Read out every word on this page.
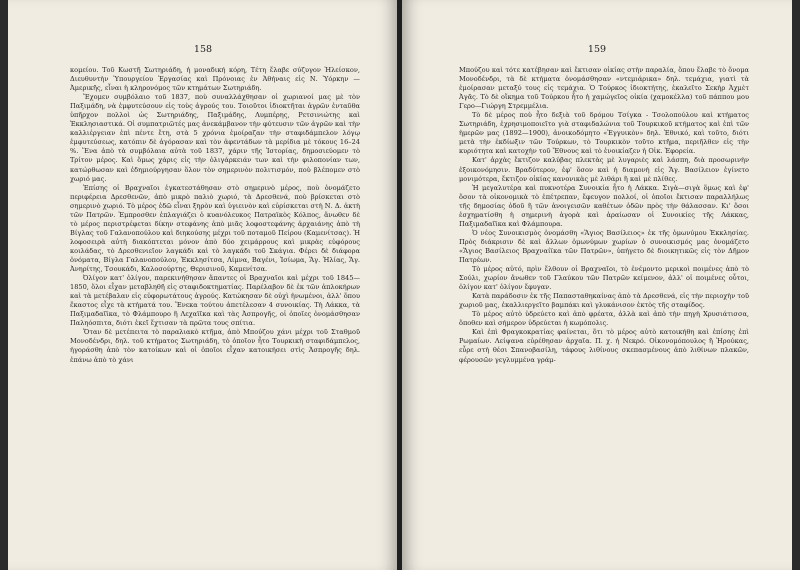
158

κομείου. Τοῦ Κωστῆ Σωτηριάδη, ἡ μοναδική κόρη, Τέτη ἔλαβε σύζυγον Ἠλείσκον, Διευθυντὴν Ὑπουργείου Ἐργασίας καὶ Πρόνοιας ἐν Ἀθήναις εἰς Ν. Ὑόρκην — Ἀμερικῆς, εἶναι ἡ κληρονόμος τῶν κτημάτων Σωτηριάδη.

Ἔχομεν συμβόλαιο τοῦ 1837, ποὺ συναλλάχθησαν οἱ χωριανοί μας μὲ τὸν Παξιμάδη, νὰ ἐμφυτεύσουν εἰς τοὺς ἀγρούς του. Τοιοῦτοι ἰδιοκτῆται ἀγρῶν ἐνταῦθα ὑπῆρχον πολλοὶ ὡς Σωτηριάδης, Παξιμάδης, Λυμπέρης, Ρετσινιώτης καὶ Ἐκκλησιαστικά. Οἱ συμπατριῶτές μας ἀνεκάμβανον τὴν φύτευσιν τῶν ἀγρῶν καὶ τὴν καλλιέργειαν ἐπὶ πέντε ἔτη, στὰ 5 χρόνια ἐμοίραζαν τὴν σταφιδάμπελον λόγῳ ἐμφυτεύσεως, κατόπιν δὲ ἀγόρασαν καὶ τὸν ἀφεντάδων τὰ μερίδια μὲ τόκους 16–24 %. Ἕνα ἀπὸ τὰ συμβόλαια αὐτὰ τοῦ 1837, χάριν τῆς Ἱστορίας, δημοσιεύομεν τὸ Τρίτον μέρος. Καὶ ὅμως χάρις εἰς τὴν ὀλιγάρκειάν των καὶ τὴν φιλοπονίαν των, κατώρθωσαν καὶ ἐδημιούργησαν ὅλον τὸν σημερινὸν πολιτισμόν, ποὺ βλέπομεν στὸ χωριό μας.

Ἐπίσης οἱ Βραχναῖοι ἐγκατεστάθησαν στὸ σημερινὸ μέρος, ποὺ ὀνομάζετο περιφέρεια Δρεσθενῶν, ἀπὸ μικρὸ παλιὸ χωριό, τὰ Δρεσθενά, ποὺ βρίσκεται στὸ σημερινὸ χωριό. Τὸ μέρος ἐδῶ εἶναι ξηρὸν καὶ ὑγιεινὸν καὶ εὑρίσκεται στὴ Ν. Δ. ἀκτὴ τῶν Πατρῶν. Ἐμπροσθεν ἐπλαγιάζει ὁ κυανόλευκος Πατραϊκὸς Κόλπος, ἄνωθεν δὲ τὸ μέρος περιστρέφεται δίκην στεφάνης ἀπὸ μιᾶς λοφοστεφάνης ἀρχαιάνης ἀπὸ τὴ Βίγλας τοῦ Γαλανοπούλου καὶ διηκούσης μέχρι τοῦ ποταμοῦ Πείρου (Καμενίτσας). Ἡ λοφοσειρὰ αὐτὴ διακόπτεται μόνον ἀπὸ δύο χειμάρρους καὶ μικρὰς εὐφόρους κοιλάδας, τὸ Δρεσθενιεῖον λαγκάδι καὶ τὸ λαγκάδι τοῦ Σκάγια. Φέρει δὲ διάφορα ὀνόματα, Βίγλα Γαλανοπούλου, Ἐκκλησίτσα, Λίμνα, Βαγένι, Ἰσίωμα, Ἅγ. Ἠλίας, Ἅγ. Ἀνηρίτης, Τσουκάδι, Καλοσούρτης, Θερισινοῦ, Καμενίτσα.

Ὀλίγον κατ' ὀλίγον, παρεκινήθησαν ἅπαντες οἱ Βραχναῖοι καὶ μέχρι τοῦ 1845—1850, ὅλοι εἶχαν μεταβληθῆ εἰς σταφιδοκτηματίας. Παρέλαβον δὲ ἐκ τῶν ἀπλοκήρων καὶ τὰ μετέβαλαν εἰς εὐφορωτάτους ἀγρούς. Κατώκησαν δὲ οὐχὶ ἠνωμένοι, ἀλλ' ὅπου ἕκαστος εἶχε τὰ κτήματά του. Ἕνεκα τούτου ἀπετέλεσαν 4 συνοικίας. Τὴ Λάκκα, τὰ Παξιμαδαῖϊκα, τὸ Φλάμπουρο ἢ Λεχαϊῖκα καὶ τὰς Ἀσπρογῆς, οἱ ὁποῖες ὀνομάσθησαν Παληόσπιτα, διότι ἐκεῖ ἔχτισαν τὰ πρῶτα τους σπίτια.

Ὅταν δὲ μετέπειτα τὸ παραλιακὸ κτῆμα, ἀπὸ Μπούζου χάνι μέχρι τοῦ Σταθμοῦ Μονοδένδρι, δηλ. τοῦ κτήματος Σωτηριάδη, τὸ ὁποῖον ἦτο Τουρκικὴ σταφιδάμπελος, ἠγοράσθη ἀπὸ τὸν κατοίκων καὶ οἱ ὁποῖοι εἶχαν κατοικήσει στὶς Ἀσπρογῆς δηλ. ἐπάνω ἀπὸ τὸ χάνι

159

Μπούζου καὶ τότε κατέβησαν καὶ ἔκτισαν οἰκίας στὴν παραλία, ὅπου ἔλαβε τὸ ὄνομα Μονοδένδρι, τὰ δὲ κτήματα ὀνομάσθησαν «ντεμιάρικα» δηλ. τεμάχια, γιατὶ τὰ ἐμοίρασαν μεταξύ τους εἰς τεμάχια. Ὁ Τούρκος ἰδιοκτήτης, ἐκαλεῖτο Σεκὴρ Ἀχμὲτ Ἀγᾶς. Τὸ δὲ οἴκημα τοῦ Τούρκου ἦτο ἡ χαμώγεῖος οἰκία (χαμοκέλλα) τοῦ πάππου μου Γερο—Γιώργη Στρεμμέλια.

Τὸ δὲ μέρος ποὺ ἦτο δεξιὰ τοῦ δρόμου Τσίγκα - Τσολοπούλου καὶ κτήματος Σωτηριάδη, ἐχρησιμοποιεῖτο γιὰ σταφιδαλώνια τοῦ Τουρκικοῦ κτήματος καὶ ἐπὶ τῶν ἡμερῶν μας (1892—1900), ἀνοικοδόμητο «Ἐγγυικὸν» δηλ. Ἐθνικό, καὶ τοῦτο, διότι μετὰ τὴν ἐκδίωξιν τῶν Τούρκων, τὸ Τουρκικὸν τοῦτο κτῆμα, περιῆλθεν εἰς τὴν κυριότητα καὶ κατοχὴν τοῦ Ἔθνους καὶ τὸ ἐνοικίαζεν ἡ Οἰκ. Ἐφορεία.

Κατ' ἀρχὰς ἔκτιζον καλύβας πλεκτὰς μὲ λυγαριὲς καὶ λάσπη, διὰ προσωρινὴν ἐξοικονόμησιν. Βραδύτερον, ἐφ' ὅσον καὶ ἡ διαμονὴ εἰς Ἅγ. Βασίλειον ἐγίνετο μονιμότερα, ἔκτιζον οἰκίας κανονικὰς μὲ λιθάρι ἢ καὶ μὲ πλίθες.

Ἡ μεγαλυτέρα καὶ πυκνοτέρα Συνοικία ἦτο ἡ Λάκκα. Σιγὰ—σιγὰ ὅμως καὶ ἐφ' ὅσον τὰ οἰκονομικὰ τὸ ἐπέτρεπαν, ἔφευγον πολλοί, οἱ ὁποῖοι ἔκτισαν παραλλήλως τῆς δημοσίας ὁδοῦ ἢ τῶν ἀνοιγεισῶν καθέτων ὁδῶν πρὸς τὴν θάλασσαν. Κι' ὅσοι ἐσχηματίσθη ἡ σημερινὴ ἀγορὰ καὶ ἀραίωσαν οἱ Συνοικίες τῆς Λάκκας, Παξιμαδαῖϊκα καὶ Φλάμπουρα.

Ὁ νέος Συνοικισμὸς ὀνομάσθη «Ἅγιος Βασίλειος» ἐκ τῆς ὁμωνύμου Ἐκκλησίας. Πρὸς διάκρισιν δὲ καὶ ἄλλων ὁμωνύμων χωρίων ὁ συνοικισμός μας ὀνομάζετο «Ἅγιος Βασίλειος Βραχναίϊκα τῶν Πατρῶν», ὑπήγετο δὲ διοικητικῶς εἰς τὸν Δῆμον Πατρέων.

Τὸ μέρος αὐτό, πρὶν ἔλθουν οἱ Βραχναῖοι, τὸ ἐνέμοντο μερικοὶ ποιμένες ἀπὸ τὸ Σούλι, χωρίον ἄνωθεν τοῦ Γλαύκου τῶν Πατρῶν κείμενον, ἀλλ' οἱ ποιμένες οὗτοι, ὀλίγον κατ' ὀλίγον ἔφυγαν.

Κατὰ παράδοσιν ἐκ τῆς Παπασταθηκαίνας ἀπὸ τὰ Δρεσθενά, εἰς τὴν περιοχὴν τοῦ χωριοῦ μας, ἐκαλλιεργεῖτο βαμπάκι καὶ γλυκάνισον ἐκτὸς τῆς σταφίδος.

Τὸ μέρος αὐτὸ ὑδρεύετο καὶ ἀπὸ φρέατα, ἀλλὰ καὶ ἀπὸ τὴν πηγὴ Χρυσιάτισσα, ὅποθεν καὶ σήμερον ὑδρεύεται ἡ κωμόπολις.

Καὶ ἐπὶ Φραγκοκρατίας φαίνεται, ὅτι τὸ μέρος αὐτὸ κατοικήθη καὶ ἐπίσης ἐπὶ Ρωμαίων. Λείψανα εὑρέθησαν ἀρχαῖα. Π. χ. ἡ Νεκρό. Οἰκονομόπουλος ἢ Ἡρούκας, εὗρε στὴ θέσι Σπανοβασίλη, τάφους λιθίνους σκεπασμένους ἀπὸ λιθίνων πλακῶν, φέρουσῶν γεγλυμμένα γράμ-
